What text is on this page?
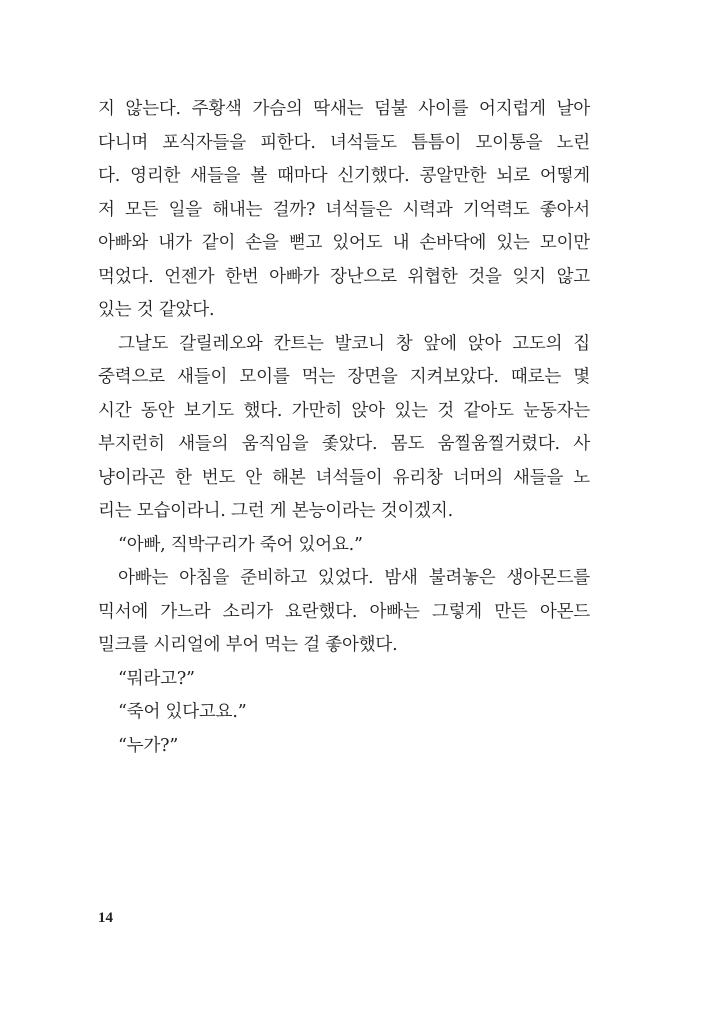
지 않는다. 주황색 가슴의 딱새는 덤불 사이를 어지럽게 날아
다니며 포식자들을 피한다. 녀석들도 틈틈이 모이통을 노린
다. 영리한 새들을 볼 때마다 신기했다. 콩알만한 뇌로 어떻게
저 모든 일을 해내는 걸까? 녀석들은 시력과 기억력도 좋아서
아빠와 내가 같이 손을 뻗고 있어도 내 손바닥에 있는 모이만
먹었다. 언젠가 한번 아빠가 장난으로 위협한 것을 잊지 않고
있는 것 같았다.
그날도 갈릴레오와 칸트는 발코니 창 앞에 앉아 고도의 집
중력으로 새들이 모이를 먹는 장면을 지켜보았다. 때로는 몇
시간 동안 보기도 했다. 가만히 앉아 있는 것 같아도 눈동자는
부지런히 새들의 움직임을 좇았다. 몸도 움찔움찔거렸다. 사
냥이라곤 한 번도 안 해본 녀석들이 유리창 너머의 새들을 노
리는 모습이라니. 그런 게 본능이라는 것이겠지.
“아빠, 직박구리가 죽어 있어요.”
아빠는 아침을 준비하고 있었다. 밤새 불려놓은 생아몬드를
믹서에 가느라 소리가 요란했다. 아빠는 그렇게 만든 아몬드
밀크를 시리얼에 부어 먹는 걸 좋아했다.
“뭐라고?”
“죽어 있다고요.”
“누가?”
14
